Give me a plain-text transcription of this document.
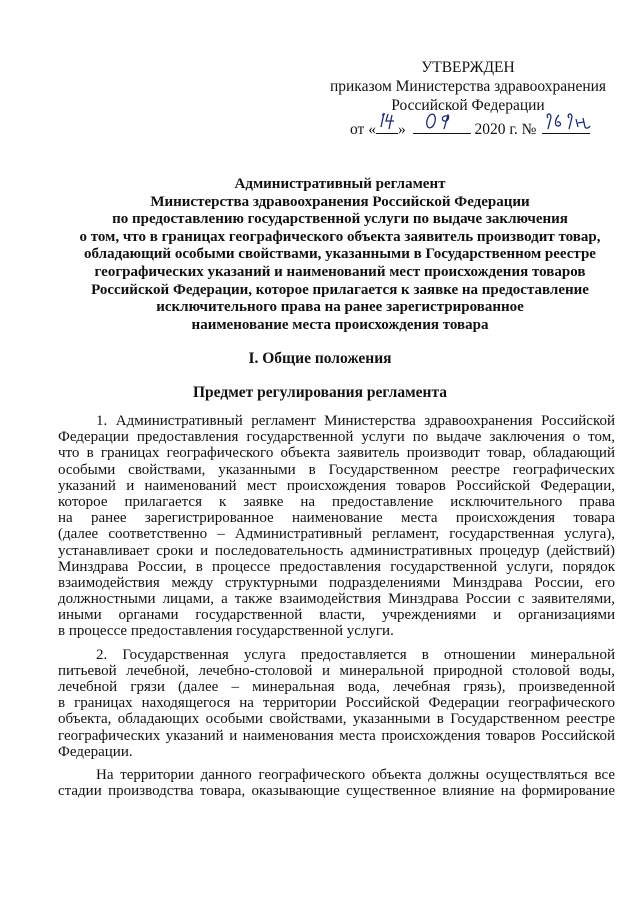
УТВЕРЖДЕН
приказом Министерства здравоохранения
Российской Федерации
от « »	2020 г. №
Административный регламент
Министерства здравоохранения Российской Федерации
по предоставлению государственной услуги по выдаче заключения
о том, что в границах географического объекта заявитель производит товар,
обладающий особыми свойствами, указанными в Государственном реестре
географических указаний и наименований мест происхождения товаров
Российской Федерации, которое прилагается к заявке на предоставление
исключительного права на ранее зарегистрированное
наименование места происхождения товара
I. Общие положения
Предмет регулирования регламента
1. Административный регламент Министерства здравоохранения Российской
Федерации предоставления государственной услуги по выдаче заключения о том,
что в границах географического объекта заявитель производит товар, обладающий
особыми свойствами, указанными в Государственном реестре географических
указаний и наименований мест происхождения товаров Российской Федерации,
которое прилагается к заявке на предоставление исключительного права
на ранее зарегистрированное наименование места происхождения товара
(далее соответственно – Административный регламент, государственная услуга),
устанавливает сроки и последовательность административных процедур (действий)
Минздрава России, в процессе предоставления государственной услуги, порядок
взаимодействия между структурными подразделениями Минздрава России, его
должностными лицами, а также взаимодействия Минздрава России с заявителями,
иными органами государственной власти, учреждениями и организациями
в процессе предоставления государственной услуги.
2. Государственная услуга предоставляется в отношении минеральной
питьевой лечебной, лечебно-столовой и минеральной природной столовой воды,
лечебной грязи (далее – минеральная вода, лечебная грязь), произведенной
в границах находящегося на территории Российской Федерации географического
объекта, обладающих особыми свойствами, указанными в Государственном реестре
географических указаний и наименования места происхождения товаров Российской
Федерации.
На территории данного географического объекта должны осуществляться все
стадии производства товара, оказывающие существенное влияние на формирование
